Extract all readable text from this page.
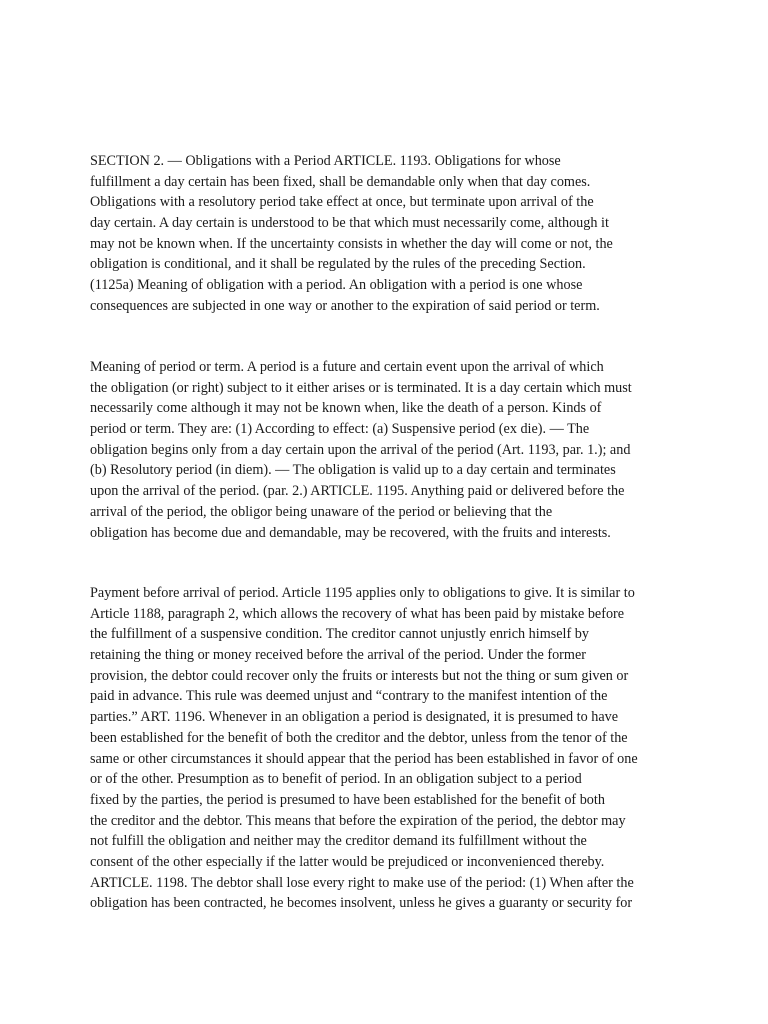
SECTION 2. — Obligations with a Period ARTICLE. 1193. Obligations for whose
fulfillment a day certain has been fixed, shall be demandable only when that day comes.
Obligations with a resolutory period take effect at once, but terminate upon arrival of the
day certain. A day certain is understood to be that which must necessarily come, although it
may not be known when. If the uncertainty consists in whether the day will come or not, the
obligation is conditional, and it shall be regulated by the rules of the preceding Section.
(1125a) Meaning of obligation with a period. An obligation with a period is one whose
consequences are subjected in one way or another to the expiration of said period or term.
Meaning of period or term. A period is a future and certain event upon the arrival of which
the obligation (or right) subject to it either arises or is terminated. It is a day certain which must
necessarily come although it may not be known when, like the death of a person. Kinds of
period or term. They are: (1) According to effect: (a) Suspensive period (ex die). — The
obligation begins only from a day certain upon the arrival of the period (Art. 1193, par. 1.); and
(b) Resolutory period (in diem). — The obligation is valid up to a day certain and terminates
upon the arrival of the period. (par. 2.) ARTICLE. 1195. Anything paid or delivered before the
arrival of the period, the obligor being unaware of the period or believing that the
obligation has become due and demandable, may be recovered, with the fruits and interests.
Payment before arrival of period. Article 1195 applies only to obligations to give. It is similar to
Article 1188, paragraph 2, which allows the recovery of what has been paid by mistake before
the fulfillment of a suspensive condition. The creditor cannot unjustly enrich himself by
retaining the thing or money received before the arrival of the period. Under the former
provision, the debtor could recover only the fruits or interests but not the thing or sum given or
paid in advance. This rule was deemed unjust and “contrary to the manifest intention of the
parties.” ART. 1196. Whenever in an obligation a period is designated, it is presumed to have
been established for the benefit of both the creditor and the debtor, unless from the tenor of the
same or other circumstances it should appear that the period has been established in favor of one
or of the other. Presumption as to benefit of period. In an obligation subject to a period
fixed by the parties, the period is presumed to have been established for the benefit of both
the creditor and the debtor. This means that before the expiration of the period, the debtor may
not fulfill the obligation and neither may the creditor demand its fulfillment without the
consent of the other especially if the latter would be prejudiced or inconvenienced thereby.
ARTICLE. 1198. The debtor shall lose every right to make use of the period: (1) When after the
obligation has been contracted, he becomes insolvent, unless he gives a guaranty or security for
